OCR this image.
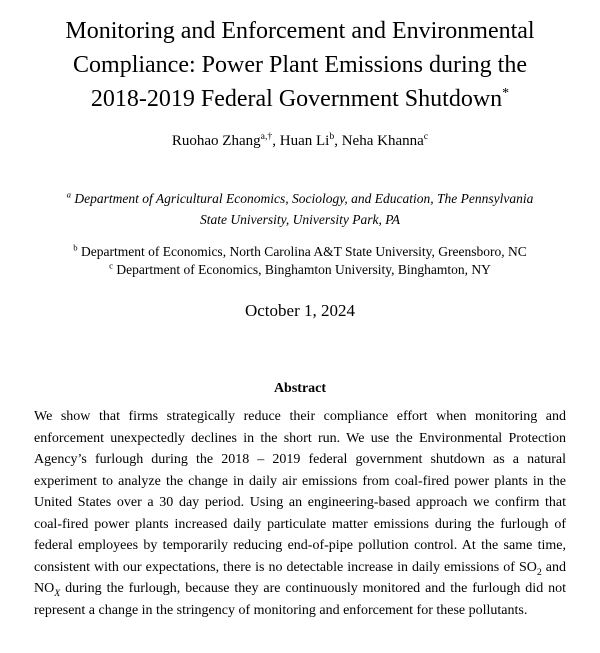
Monitoring and Enforcement and Environmental
Compliance: Power Plant Emissions during the
2018-2019 Federal Government Shutdown*

Ruohao Zhang$^{a,\dagger}$, Huan Li$^b$, Neha Khanna$^c$

$^a$ Department of Agricultural Economics, Sociology, and Education, The Pennsylvania State University, University Park, PA

$^b$ Department of Economics, North Carolina A&T State University, Greensboro, NC

$^c$ Department of Economics, Binghamton University, Binghamton, NY

October 1, 2024

Abstract

We show that firms strategically reduce their compliance effort when monitoring and enforcement unexpectedly declines in the short run. We use the Environmental Protection Agency’s furlough during the 2018 – 2019 federal government shutdown as a natural experiment to analyze the change in daily air emissions from coal-fired power plants in the United States over a 30 day period. Using an engineering-based approach we confirm that coal-fired power plants increased daily particulate matter emissions during the furlough of federal employees by temporarily reducing end-of-pipe pollution control. At the same time, consistent with our expectations, there is no detectable increase in daily emissions of $SO_2$ and $NO_X$ during the furlough, because they are continuously monitored and the furlough did not represent a change in the stringency of monitoring and enforcement for these pollutants.
